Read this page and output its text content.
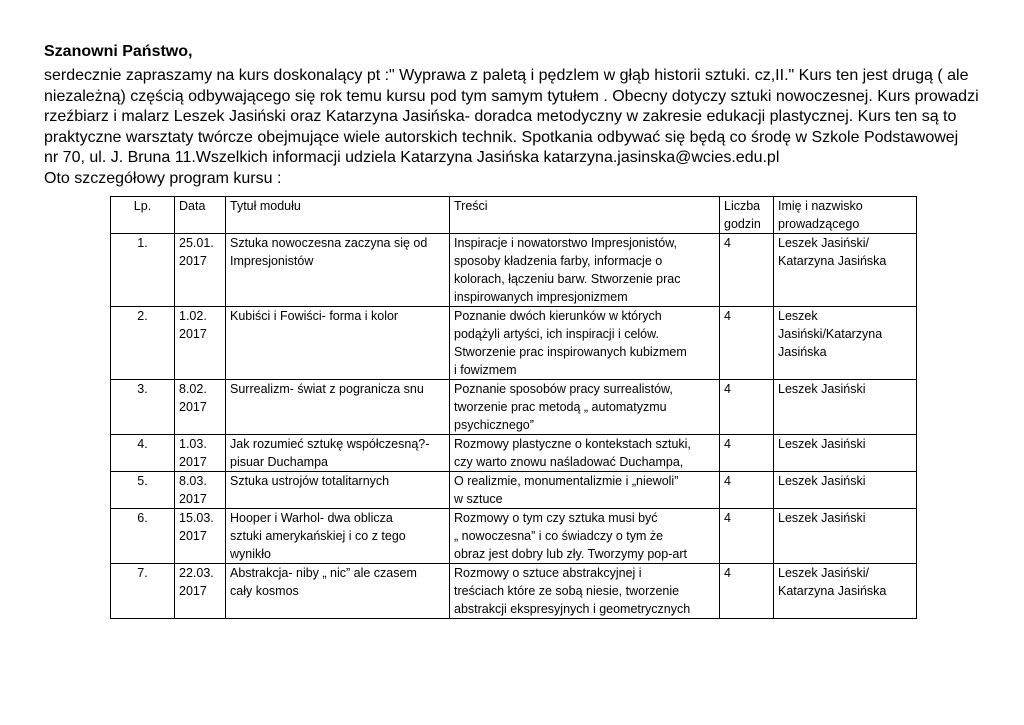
Szanowni Państwo,
serdecznie zapraszamy na kurs doskonalący pt :" Wyprawa z paletą i pędzlem w głąb historii sztuki. cz,II." Kurs ten jest drugą ( ale
niezależną) częścią odbywającego się rok temu kursu pod tym samym tytułem . Obecny dotyczy sztuki nowoczesnej. Kurs prowadzi
rzeźbiarz i malarz Leszek Jasiński oraz Katarzyna Jasińska- doradca metodyczny w zakresie edukacji plastycznej. Kurs ten są to
praktyczne warsztaty twórcze obejmujące wiele autorskich technik. Spotkania odbywać się będą co środę w Szkole Podstawowej
nr 70, ul. J. Bruna 11.Wszelkich informacji udziela Katarzyna Jasińska katarzyna.jasinska@wcies.edu.pl
Oto szczegółowy program kursu :
Lp.	Data	Tytuł modułu	Treści	Liczba
godzin	Imię i nazwisko
prowadzącego

1.	25.01.
2017	Sztuka nowoczesna zaczyna się od
Impresjonistów	Inspiracje i nowatorstwo Impresjonistów,
sposoby kładzenia farby, informacje o
kolorach, łączeniu barw. Stworzenie prac
inspirowanych impresjonizmem	4	Leszek Jasiński/
Katarzyna Jasińska

2.	1.02.
2017	Kubiści i Fowiści- forma i kolor	Poznanie dwóch kierunków w których
podążyli artyści, ich inspiracji i celów.
Stworzenie prac inspirowanych kubizmem
i fowizmem	4	Leszek
Jasiński/Katarzyna
Jasińska

3.	8.02.
2017	Surrealizm- świat z pogranicza snu	Poznanie sposobów pracy surrealistów,
tworzenie prac metodą „ automatyzmu
psychicznego”	4	Leszek Jasiński

4.	1.03.
2017	Jak rozumieć sztukę współczesną?-
pisuar Duchampa	Rozmowy plastyczne o kontekstach sztuki,
czy warto znowu naśladować Duchampa,	4	Leszek Jasiński

5.	8.03.
2017	Sztuka ustrojów totalitarnych	O realizmie, monumentalizmie i „niewoli”
w sztuce	4	Leszek Jasiński

6.	15.03.
2017	Hooper i Warhol- dwa oblicza
sztuki amerykańskiej i co z tego
wynikło	Rozmowy o tym czy sztuka musi być
„ nowoczesna” i co świadczy o tym że
obraz jest dobry lub zły. Tworzymy pop-art	4	Leszek Jasiński

7.	22.03.
2017	Abstrakcja- niby „ nic” ale czasem
cały kosmos	Rozmowy o sztuce abstrakcyjnej i
treściach które ze sobą niesie, tworzenie
abstrakcji ekspresyjnych i geometrycznych	4	Leszek Jasiński/
Katarzyna Jasińska
